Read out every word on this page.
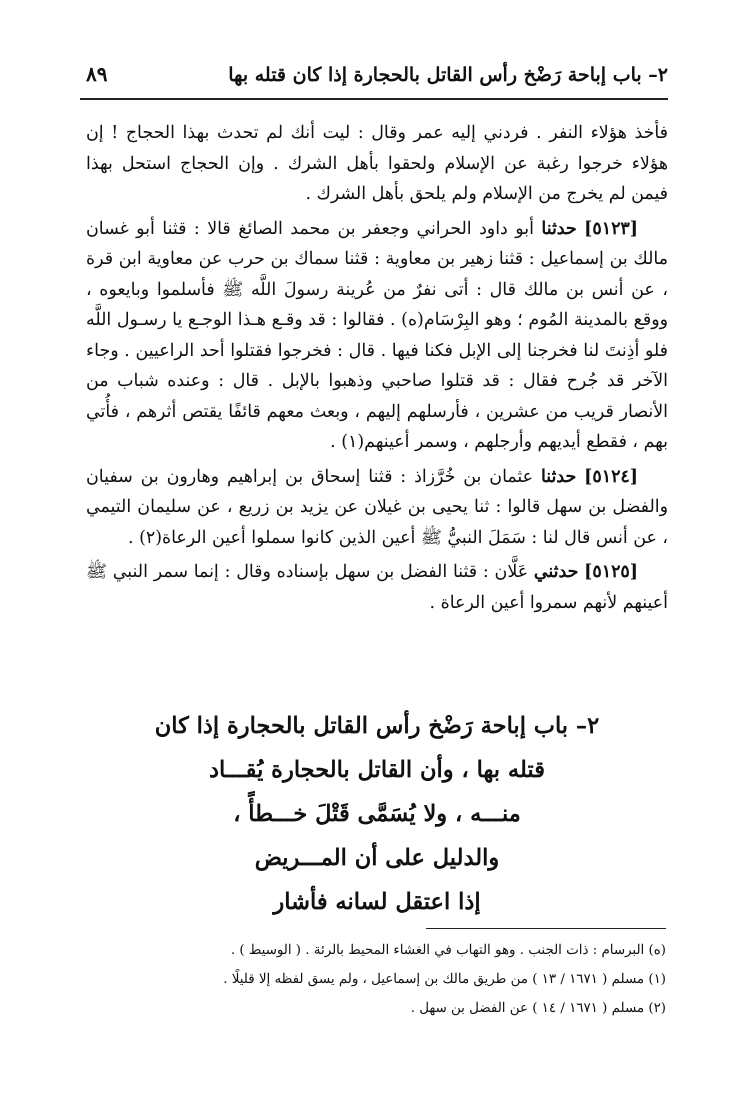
٢– باب إباحة رَضْخ رأس القاتل بالحجارة إذا كان قتله بها
٨٩

فأخذ هؤلاء النفر . فردني إليه عمر وقال : ليت أنك لم تحدث بهذا الحجاج ! إن هؤلاء خرجوا رغبة عن الإسلام ولحقوا بأهل الشرك . وإن الحجاج استحل بهذا فيمن لم يخرج من الإسلام ولم يلحق بأهل الشرك .

[٥١٢٣] حدثنا أبو داود الحراني وجعفر بن محمد الصائغ قالا : قثنا أبو غسان مالك بن إسماعيل : قثنا زهير بن معاوية : قثنا سماك بن حرب عن معاوية ابن قرة ، عن أنس بن مالك قال : أتى نفرٌ من عُرينة رسولَ اللَّه ﷺ فأسلموا وبايعوه ، ووقع بالمدينة المُوم ؛ وهو البِرْسَام(ه) . فقالوا : قد وقـع هـذا الوجـع يا رسـول اللَّه فلو أذِنتَ لنا فخرجنا إلى الإبل فكنا فيها . قال : فخرجوا فقتلوا أحد الراعيين . وجاء الآخر قد جُرح فقال : قد قتلوا صاحبي وذهبوا بالإبل . قال : وعنده شباب من الأنصار قريب من عشرين ، فأرسلهم إليهم ، وبعث معهم قائفًا يقتص أثرهم ، فأُتي بهم ، فقطع أيديهم وأرجلهم ، وسمر أعينهم(١) .

[٥١٢٤] حدثنا عثمان بن خُرَّزاذ : قثنا إسحاق بن إبراهيم وهارون بن سفيان والفضل بن سهل قالوا : ثنا يحيى بن غيلان عن يزيد بن زريع ، عن سليمان التيمي ، عن أنس قال لنا : سَمَلَ النبيُّ ﷺ أعين الذين كانوا سملوا أعين الرعاة(٢) .

[٥١٢٥] حدثني عَلَّان : قثنا الفضل بن سهل بإسناده وقال : إنما سمر النبي ﷺ أعينهم لأنهم سمروا أعين الرعاة .

٢– باب إباحة رَضْخ رأس القاتل بالحجارة إذا كان
قتله بها ، وأن القاتل بالحجارة يُقـــاد
منـــه ، ولا يُسَمَّى قَتْلَ خـــطأً ،
والدليل على أن المـــريض
إذا اعتقل لسانه فأشار
(ه) البرسام : ذات الجنب . وهو التهاب في الغشاء المحيط بالرئة . ( الوسيط ) .
(١) مسلم ( ١٦٧١ / ١٣ ) من طريق مالك بن إسماعيل ، ولم يسق لفظه إلا قليلًا .
(٢) مسلم ( ١٦٧١ / ١٤ ) عن الفضل بن سهل .
